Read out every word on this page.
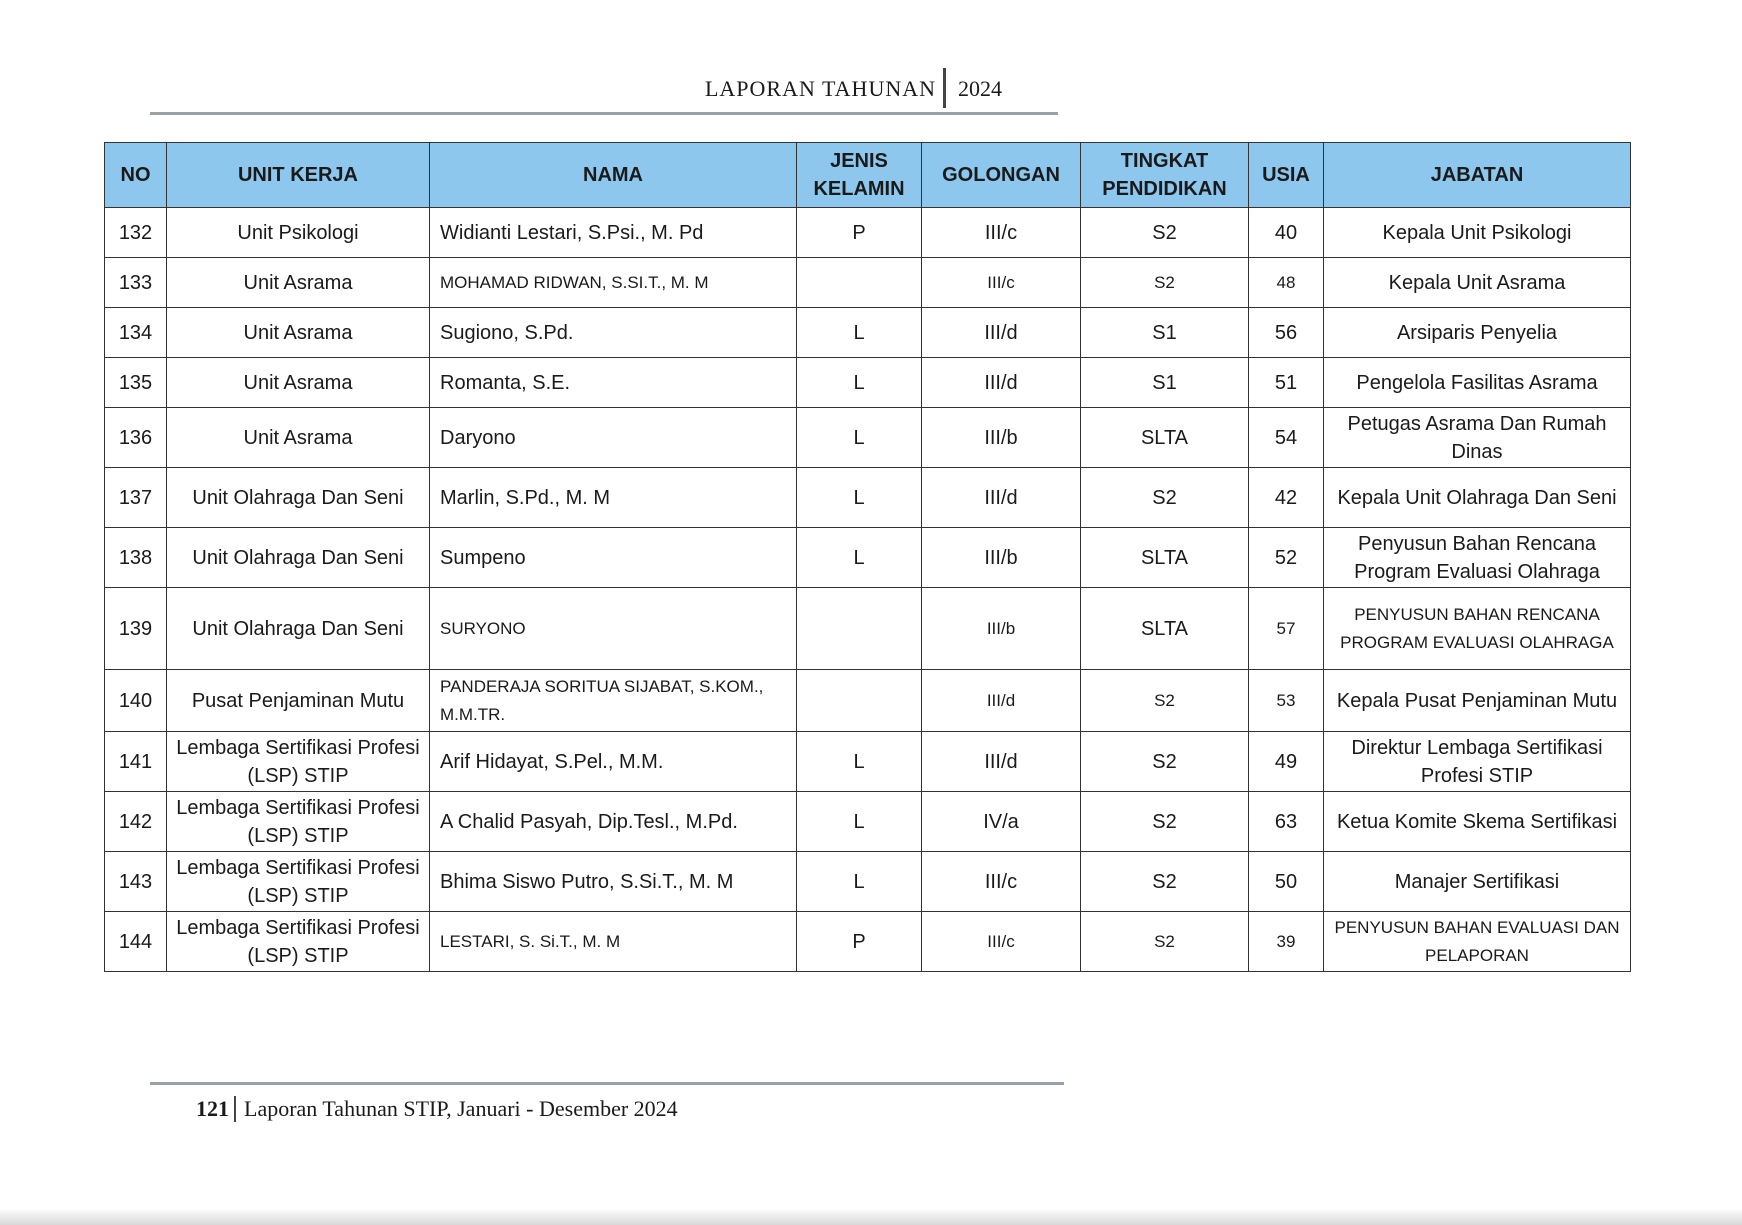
LAPORAN TAHUNAN 2024
NO	UNIT KERJA	NAMA	JENIS KELAMIN	GOLONGAN	TINGKAT PENDIDIKAN	USIA	JABATAN
132	Unit Psikologi	Widianti Lestari, S.Psi., M. Pd	P	III/c	S2	40	Kepala Unit Psikologi
133	Unit Asrama	MOHAMAD RIDWAN, S.SI.T., M. M		III/c	S2	48	Kepala Unit Asrama
134	Unit Asrama	Sugiono, S.Pd.	L	III/d	S1	56	Arsiparis Penyelia
135	Unit Asrama	Romanta, S.E.	L	III/d	S1	51	Pengelola Fasilitas Asrama
136	Unit Asrama	Daryono	L	III/b	SLTA	54	Petugas Asrama Dan Rumah Dinas
137	Unit Olahraga Dan Seni	Marlin, S.Pd., M. M	L	III/d	S2	42	Kepala Unit Olahraga Dan Seni
138	Unit Olahraga Dan Seni	Sumpeno	L	III/b	SLTA	52	Penyusun Bahan Rencana Program Evaluasi Olahraga
139	Unit Olahraga Dan Seni	SURYONO		III/b	SLTA	57	PENYUSUN BAHAN RENCANA PROGRAM EVALUASI OLAHRAGA
140	Pusat Penjaminan Mutu	PANDERAJA SORITUA SIJABAT, S.KOM., M.M.TR.		III/d	S2	53	Kepala Pusat Penjaminan Mutu
141	Lembaga Sertifikasi Profesi (LSP) STIP	Arif Hidayat, S.Pel., M.M.	L	III/d	S2	49	Direktur Lembaga Sertifikasi Profesi STIP
142	Lembaga Sertifikasi Profesi (LSP) STIP	A Chalid Pasyah, Dip.Tesl., M.Pd.	L	IV/a	S2	63	Ketua Komite Skema Sertifikasi
143	Lembaga Sertifikasi Profesi (LSP) STIP	Bhima Siswo Putro, S.Si.T., M. M	L	III/c	S2	50	Manajer Sertifikasi
144	Lembaga Sertifikasi Profesi (LSP) STIP	LESTARI, S. Si.T., M. M	P	III/c	S2	39	PENYUSUN BAHAN EVALUASI DAN PELAPORAN
121 Laporan Tahunan STIP, Januari - Desember 2024
